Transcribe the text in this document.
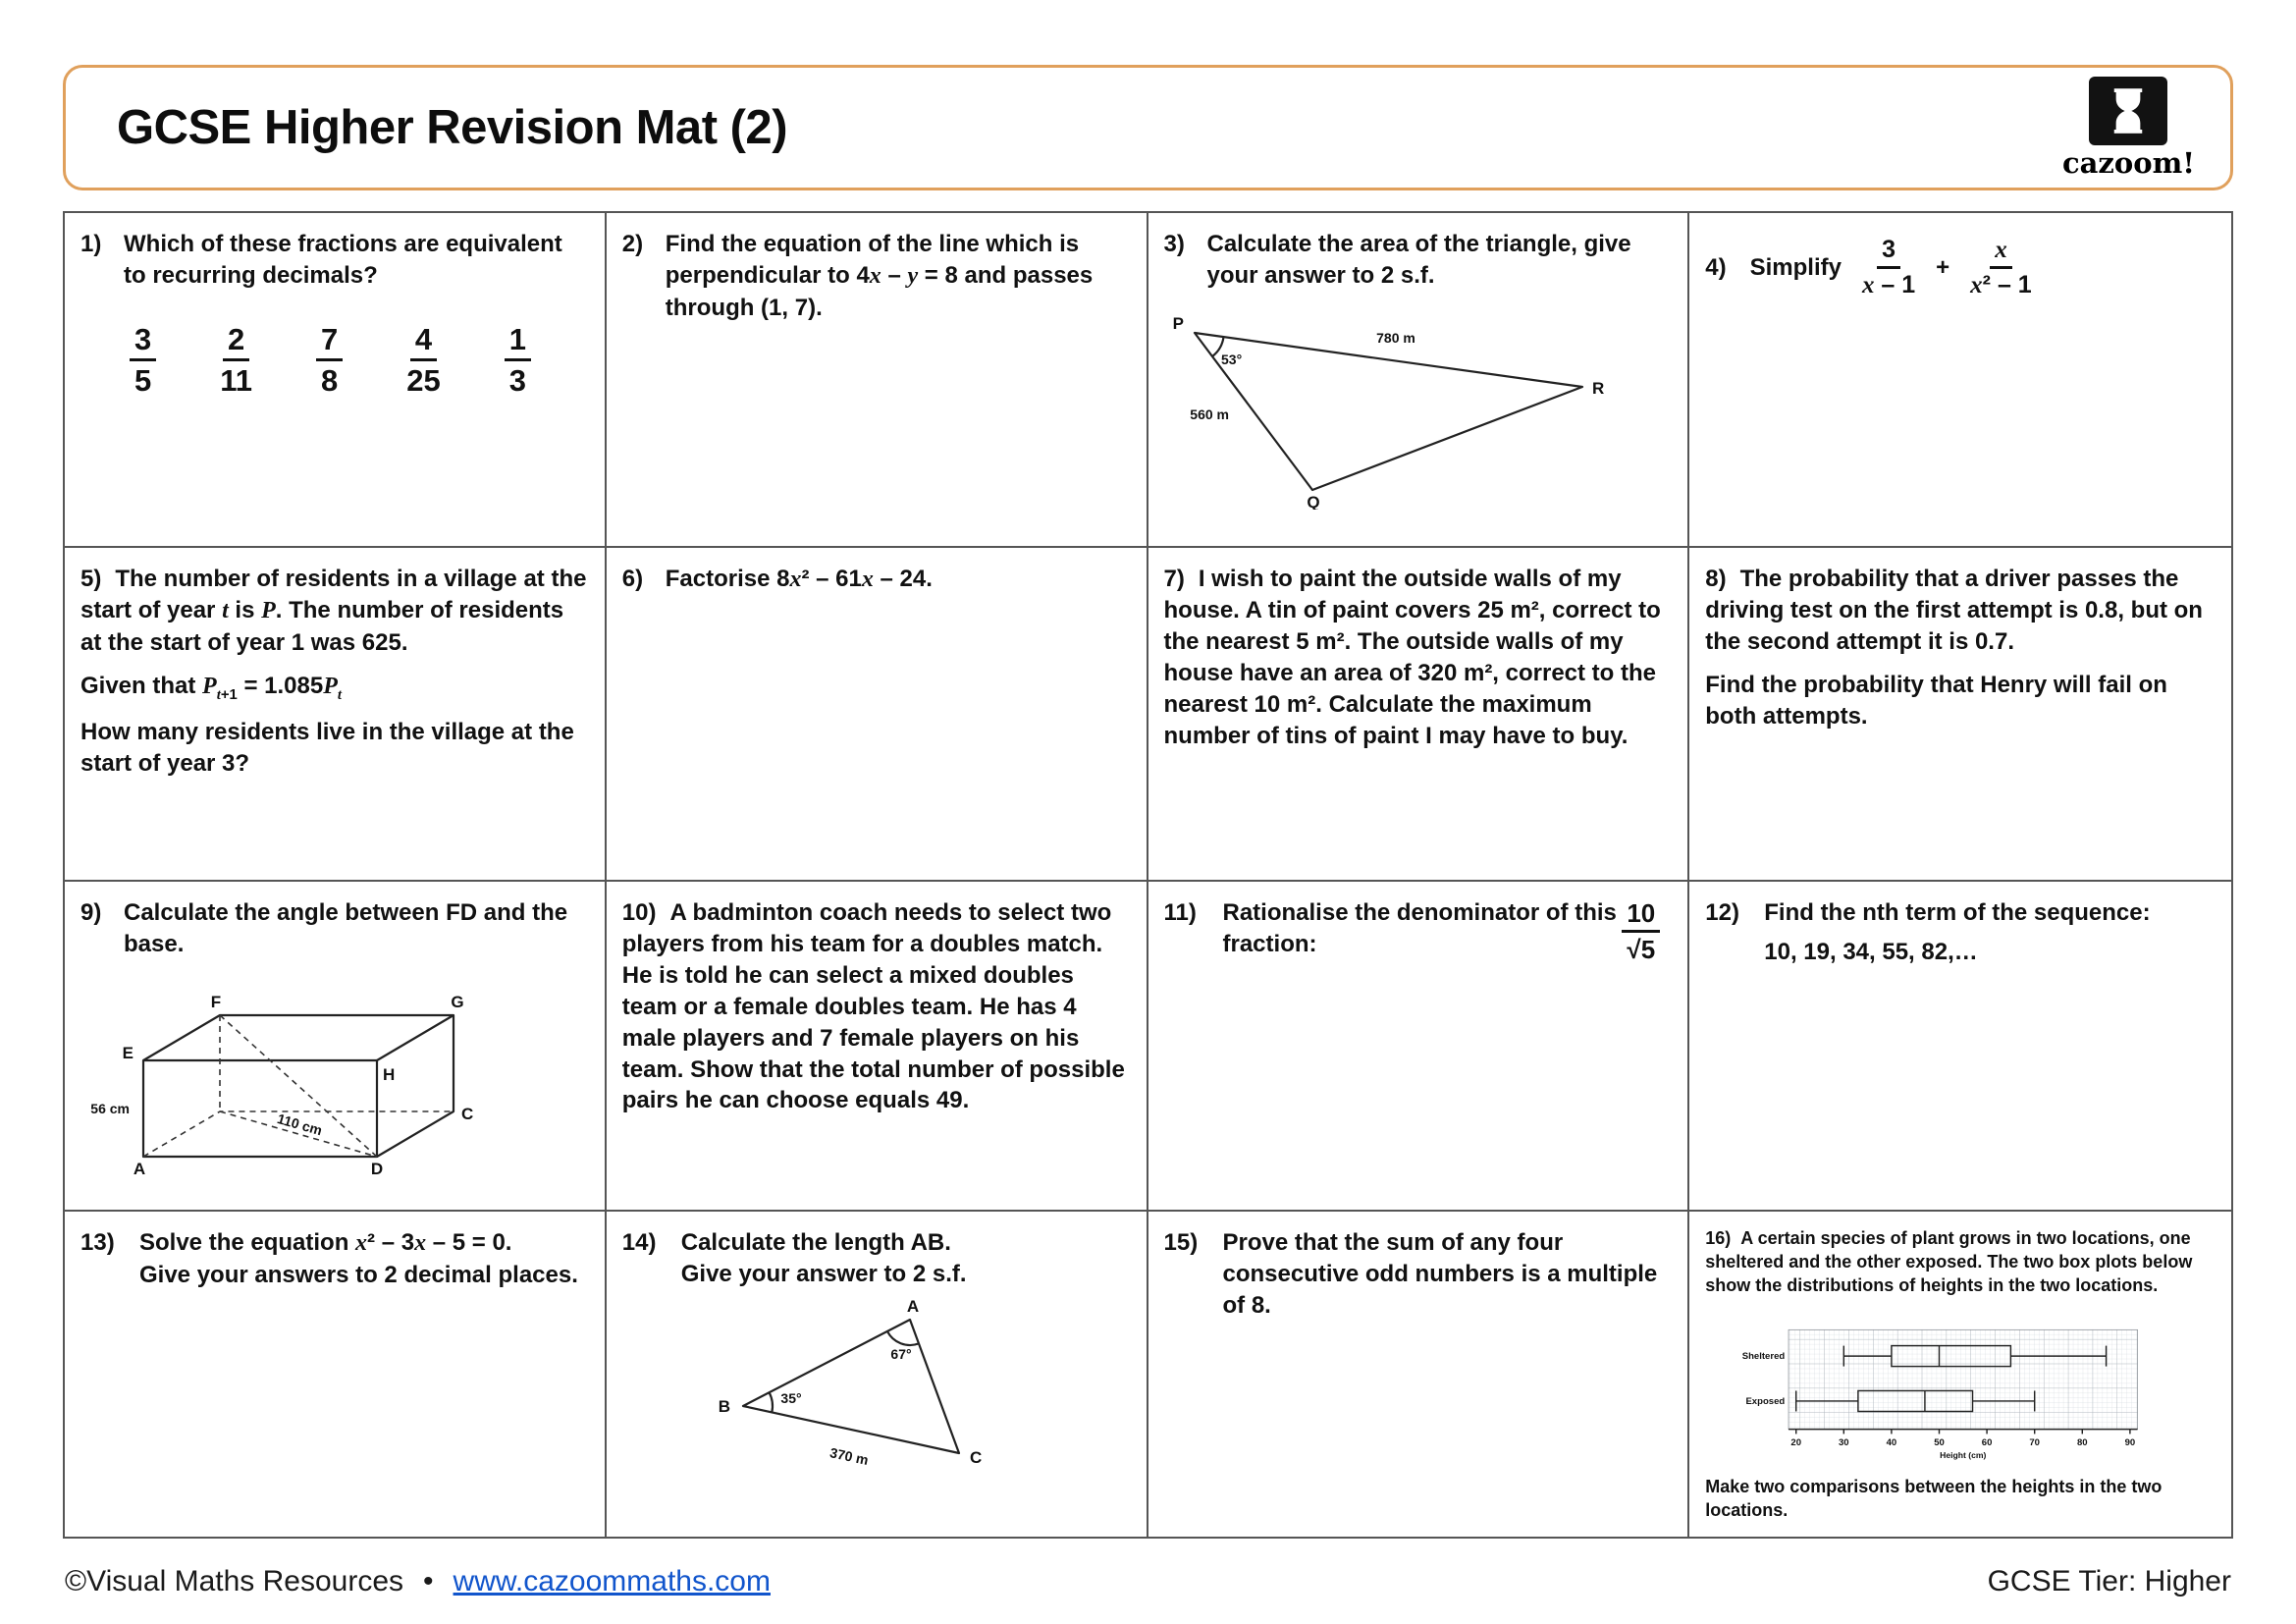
GCSE Higher Revision Mat (2)
cazoom!

1) Which of these fractions are equivalent to recurring decimals?

$\frac{3}{5} \frac{2}{11} \frac{7}{8} \frac{4}{25} \frac{1}{3}$

2) Find the equation of the line which is perpendicular to 4x – y = 8 and passes through (1, 7).

3) Calculate the area of the triangle, give your answer to 2 s.f.

P
R
Q
780 m
560 m
53°
4) Simplify $\frac{3}{x - 1} + \frac{x}{\text{x² – 1}}$

5) The number of residents in a village at the start of year t is P. The number of residents at the start of year 1 was 625.

Given that $P_{t+1} = 1.085P_t$

How many residents live in the village at the start of year 3?

6) Factorise 8x² – 61x – 24.	7) I wish to paint the outside walls of my house. A tin of paint covers 25 m², correct to the nearest 5 m². The outside walls of my house have an area of 320 m², correct to the nearest 10 m². Calculate the maximum number of tins of paint I may have to buy.

8) The probability that a driver passes the driving test on the first attempt is 0.8, but on the second attempt it is 0.7.

Find the probability that Henry will fail on both attempts.

9) Calculate the angle between FD and the base.

F	G
E
H
A	D
C
56 cm
110 cm

10) A badminton coach needs to select two players from his team for a doubles match. He is told he can select a mixed doubles team or a female doubles team. He has 4 male players and 7 female players on his team. Show that the total number of possible pairs he can choose equals 49.

11)	Rationalise the denominator of this fraction:	$\frac{10}{√5} 12$)	Find the nth term of the sequence:

10, 19, 34, 55, 82,…

13)	Solve the equation x² – 3x – 5 = 0.
Give your answers to 2 decimal places.

14)	Calculate the length AB.
Give your answer to 2 s.f.

A
B
C
67°
35°
370 m

15)	Prove that the sum of any four consecutive odd numbers is a multiple of 8.

16) A certain species of plant grows in two locations, one sheltered and the other exposed. The two box plots below show the distributions of heights in the two locations.

Sheltered
Exposed
20	30	40	50	60	70	80	90
Height (cm)

Make two comparisons between the heights in the two locations.

©Visual Maths Resources • www.cazoommaths.com	GCSE Tier: Higher
